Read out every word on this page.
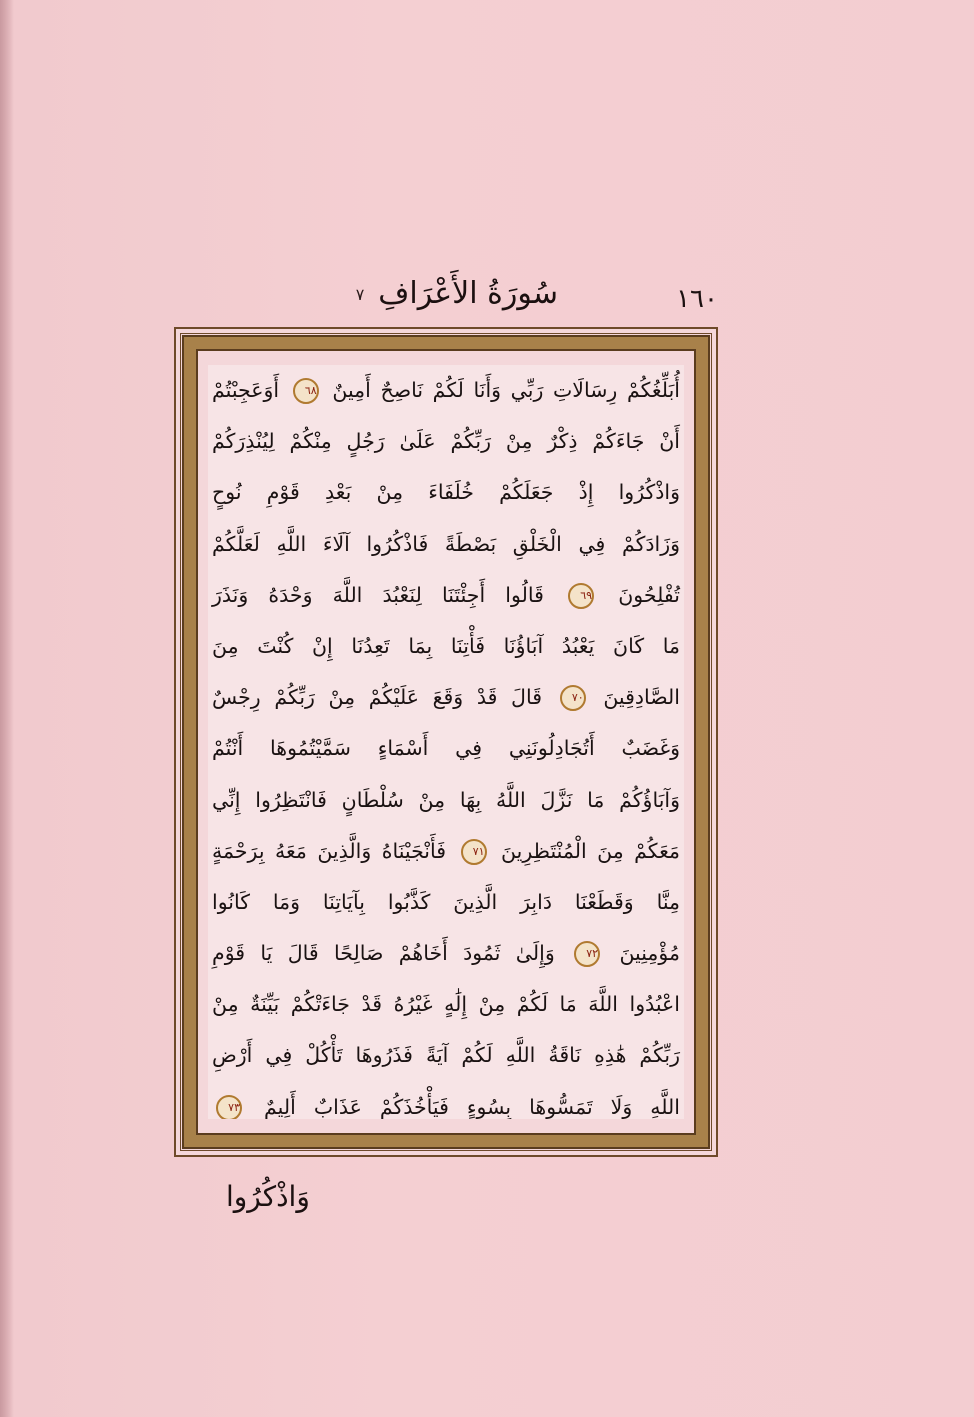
١٦٠
سُورَةُ الأَعْرَافِ٧
أُبَلِّغُكُمْ رِسَالَاتِ رَبِّي وَأَنَا لَكُمْ نَاصِحٌ أَمِينٌ ٦٨ أَوَعَجِبْتُمْ
أَنْ جَاءَكُمْ ذِكْرٌ مِنْ رَبِّكُمْ عَلَىٰ رَجُلٍ مِنْكُمْ لِيُنْذِرَكُمْ
وَاذْكُرُوا إِذْ جَعَلَكُمْ خُلَفَاءَ مِنْ بَعْدِ قَوْمِ نُوحٍ
وَزَادَكُمْ فِي الْخَلْقِ بَصْطَةً فَاذْكُرُوا آلَاءَ اللَّهِ لَعَلَّكُمْ
تُفْلِحُونَ ٦٩ قَالُوا أَجِئْتَنَا لِنَعْبُدَ اللَّهَ وَحْدَهُ وَنَذَرَ
مَا كَانَ يَعْبُدُ آبَاؤُنَا فَأْتِنَا بِمَا تَعِدُنَا إِنْ كُنْتَ مِنَ
الصَّادِقِينَ ٧٠ قَالَ قَدْ وَقَعَ عَلَيْكُمْ مِنْ رَبِّكُمْ رِجْسٌ
وَغَضَبٌ أَتُجَادِلُونَنِي فِي أَسْمَاءٍ سَمَّيْتُمُوهَا أَنْتُمْ
وَآبَاؤُكُمْ مَا نَزَّلَ اللَّهُ بِهَا مِنْ سُلْطَانٍ فَانْتَظِرُوا إِنِّي
مَعَكُمْ مِنَ الْمُنْتَظِرِينَ ٧١ فَأَنْجَيْنَاهُ وَالَّذِينَ مَعَهُ بِرَحْمَةٍ
مِنَّا وَقَطَعْنَا دَابِرَ الَّذِينَ كَذَّبُوا بِآيَاتِنَا وَمَا كَانُوا
مُؤْمِنِينَ ٧٢ وَإِلَىٰ ثَمُودَ أَخَاهُمْ صَالِحًا قَالَ يَا قَوْمِ
اعْبُدُوا اللَّهَ مَا لَكُمْ مِنْ إِلَٰهٍ غَيْرُهُ قَدْ جَاءَتْكُمْ بَيِّنَةٌ مِنْ
رَبِّكُمْ هَٰذِهِ نَاقَةُ اللَّهِ لَكُمْ آيَةً فَذَرُوهَا تَأْكُلْ فِي أَرْضِ
اللَّهِ وَلَا تَمَسُّوهَا بِسُوءٍ فَيَأْخُذَكُمْ عَذَابٌ أَلِيمٌ ٧٣
وَاذْكُرُوا
